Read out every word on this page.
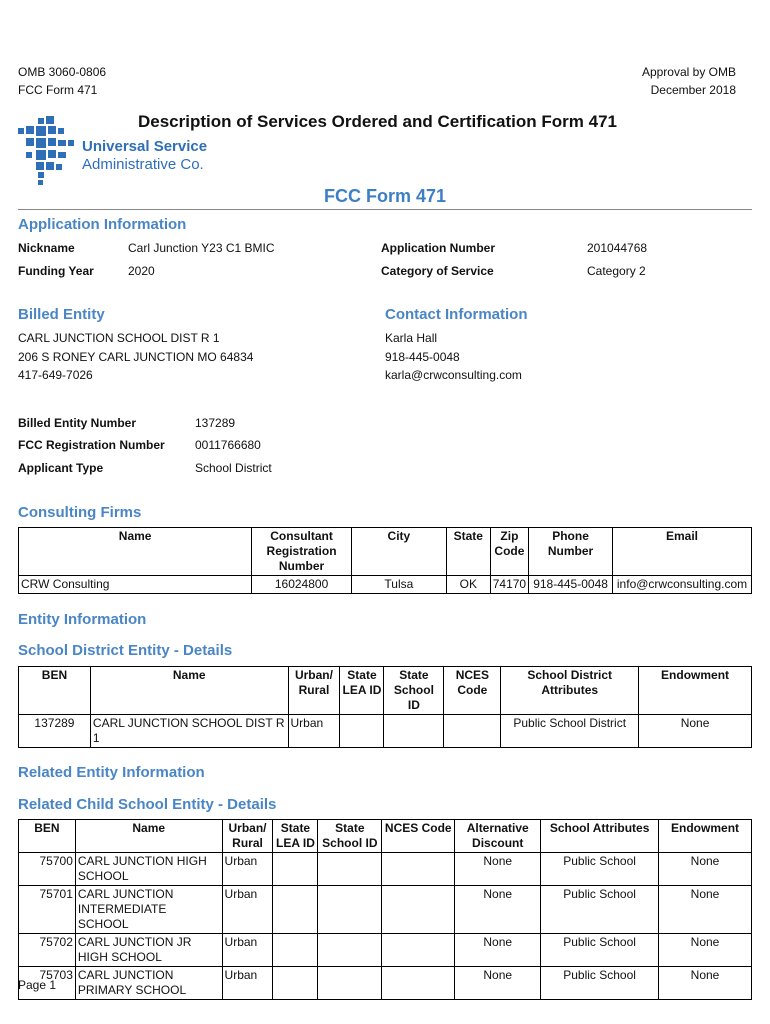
OMB 3060-0806
FCC Form 471
Approval by OMB
December 2018
Universal Service
Administrative Co.
Description of Services Ordered and Certification Form 471
FCC Form 471
Application Information
Nickname	Carl Junction Y23 C1 BMIC
Funding Year	2020
Application Number	201044768
Category of Service	Category 2
Billed Entity
CARL JUNCTION SCHOOL DIST R 1
206 S RONEY CARL JUNCTION MO 64834
417-649-7026
Contact Information
Karla Hall
918-445-0048
karla@crwconsulting.com
Billed Entity Number	137289
FCC Registration Number	0011766680
Applicant Type	School District
Consulting Firms
Name	Consultant Registration Number	City	State	Zip Code	Phone Number	Email
CRW Consulting	16024800	Tulsa	OK	74170	918-445-0048	info@crwconsulting.com
Entity Information
School District Entity - Details
BEN	Name	Urban/ Rural	State LEA ID	State School ID	NCES Code	School District Attributes	Endowment
137289	CARL JUNCTION SCHOOL DIST R 1	Urban				Public School District	None
Related Entity Information
Related Child School Entity - Details
BEN	Name	Urban/ Rural	State LEA ID	State School ID	NCES Code	Alternative Discount	School Attributes	Endowment
75700	CARL JUNCTION HIGH SCHOOL	Urban				None	Public School	None
75701	CARL JUNCTION INTERMEDIATE SCHOOL	Urban				None	Public School	None
75702	CARL JUNCTION JR HIGH SCHOOL	Urban				None	Public School	None
75703	CARL JUNCTION PRIMARY SCHOOL	Urban				None	Public School	None
Page 1
